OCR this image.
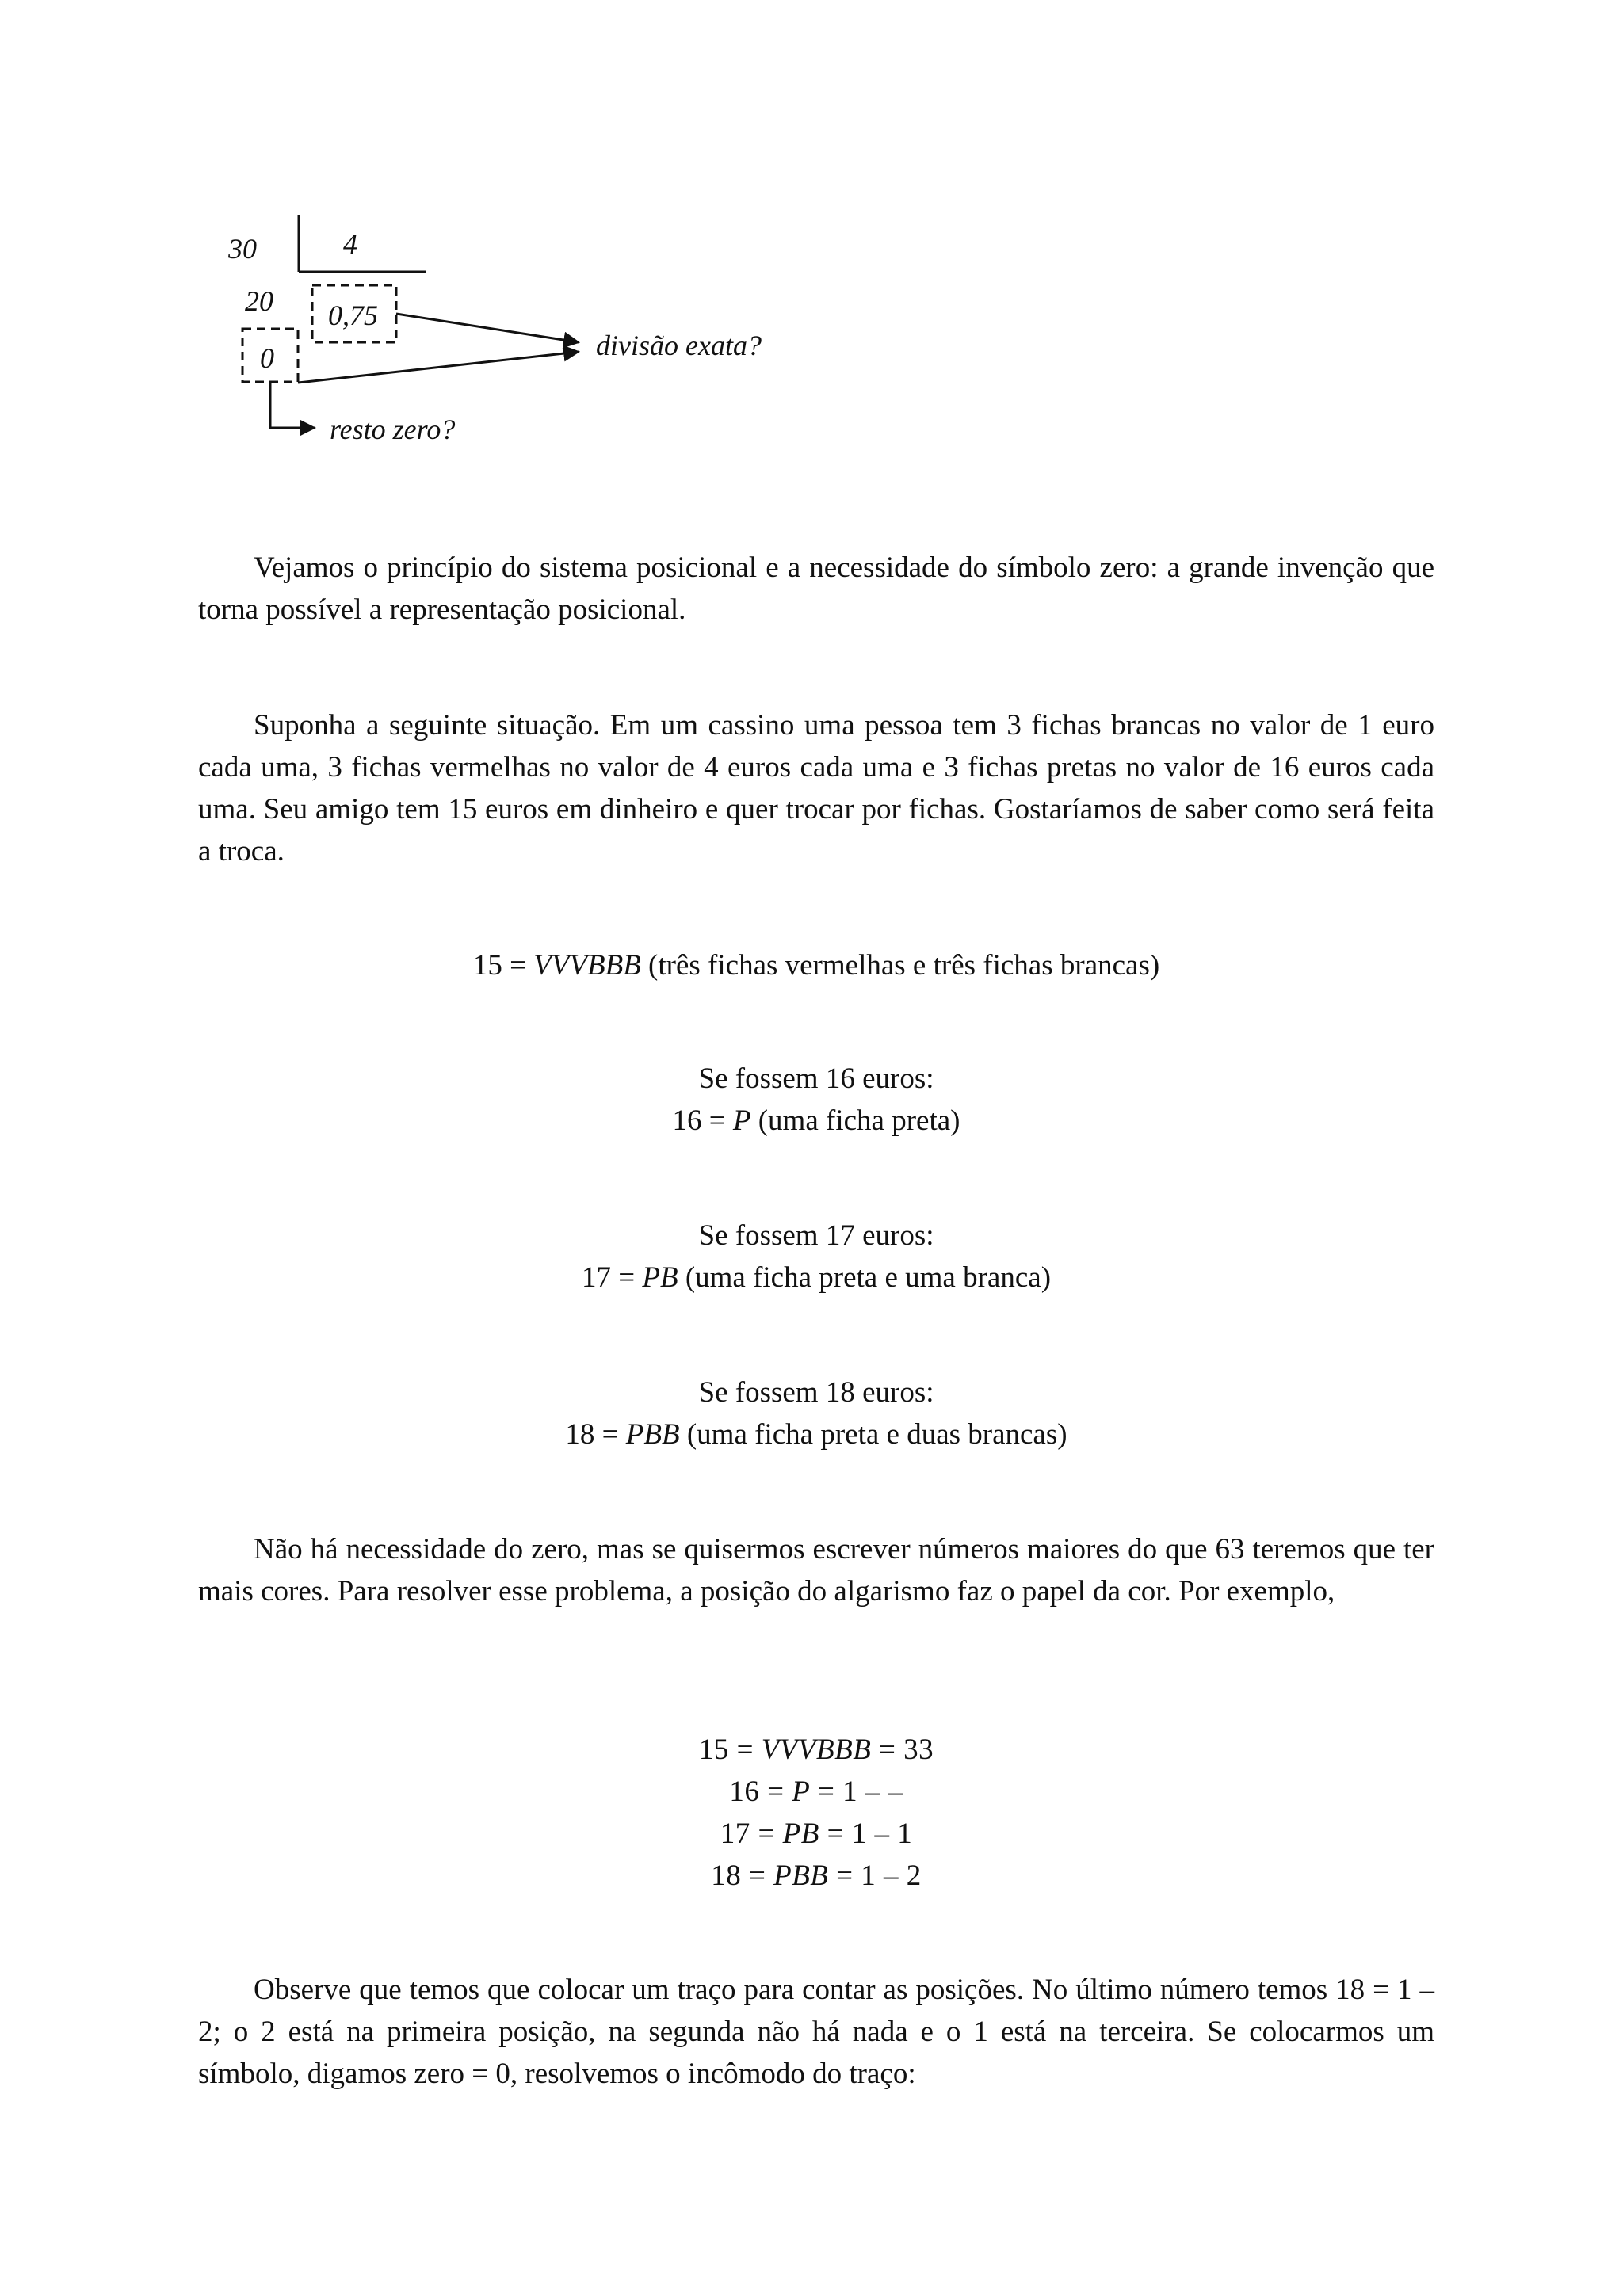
30	4
20 0,75
0	divisão exata?
resto zero?

Vejamos o princípio do sistema posicional e a necessidade do símbolo zero: a grande invenção que torna possível a representação posicional.

Suponha a seguinte situação. Em um cassino uma pessoa tem 3 fichas brancas no valor de 1 euro cada uma, 3 fichas vermelhas no valor de 4 euros cada uma e 3 fichas pretas no valor de 16 euros cada uma. Seu amigo tem 15 euros em dinheiro e quer trocar por fichas. Gostaríamos de saber como será feita a troca.

15 = VVVBBB (três fichas vermelhas e três fichas brancas)

Se fossem 16 euros:

16 = P (uma ficha preta)

Se fossem 17 euros:

17 = PB (uma ficha preta e uma branca)

Se fossem 18 euros:

18 = PBB (uma ficha preta e duas brancas)

Não há necessidade do zero, mas se quisermos escrever números maiores do que 63 teremos que ter mais cores. Para resolver esse problema, a posição do algarismo faz o papel da cor. Por exemplo,

15 = VVVBBB = 33

16 = P = 1 – –

17 = PB = 1 – 1

18 = PBB = 1 – 2

Observe que temos que colocar um traço para contar as posições. No último número temos 18 = 1 – 2; o 2 está na primeira posição, na segunda não há nada e o 1 está na terceira. Se colocarmos um símbolo, digamos zero = 0, resolvemos o incômodo do traço:
